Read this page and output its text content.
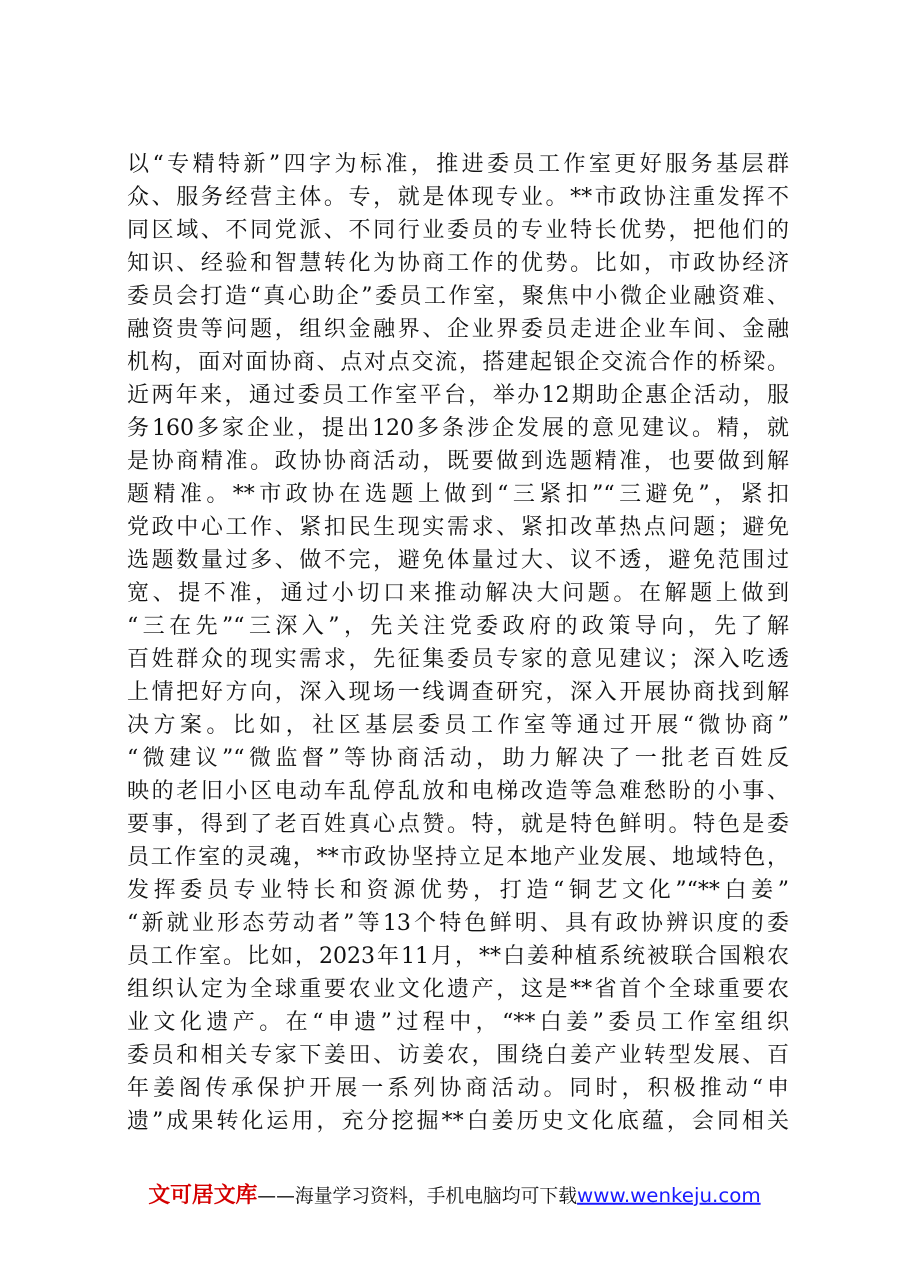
以“专精特新”四字为标准，推进委员工作室更好服务基层群
众、服务经营主体。专，就是体现专业。**市政协注重发挥不
同区域、不同党派、不同行业委员的专业特长优势，把他们的
知识、经验和智慧转化为协商工作的优势。比如，市政协经济
委员会打造“真心助企”委员工作室，聚焦中小微企业融资难、
融资贵等问题，组织金融界、企业界委员走进企业车间、金融
机构，面对面协商、点对点交流，搭建起银企交流合作的桥梁。
近两年来，通过委员工作室平台，举办12期助企惠企活动，服
务160多家企业，提出120多条涉企发展的意见建议。精，就
是协商精准。政协协商活动，既要做到选题精准，也要做到解
题精准。**市政协在选题上做到“三紧扣”“三避免”，紧扣
党政中心工作、紧扣民生现实需求、紧扣改革热点问题；避免
选题数量过多、做不完，避免体量过大、议不透，避免范围过
宽、提不准，通过小切口来推动解决大问题。在解题上做到
“三在先”“三深入”，先关注党委政府的政策导向，先了解
百姓群众的现实需求，先征集委员专家的意见建议；深入吃透
上情把好方向，深入现场一线调查研究，深入开展协商找到解
决方案。比如，社区基层委员工作室等通过开展“微协商”
“微建议”“微监督”等协商活动，助力解决了一批老百姓反
映的老旧小区电动车乱停乱放和电梯改造等急难愁盼的小事、
要事，得到了老百姓真心点赞。特，就是特色鲜明。特色是委
员工作室的灵魂，**市政协坚持立足本地产业发展、地域特色，
发挥委员专业特长和资源优势，打造“铜艺文化”“**白姜”
“新就业形态劳动者”等13个特色鲜明、具有政协辨识度的委
员工作室。比如，2023年11月，**白姜种植系统被联合国粮农
组织认定为全球重要农业文化遗产，这是**省首个全球重要农
业文化遗产。在“申遗”过程中，“**白姜”委员工作室组织
委员和相关专家下姜田、访姜农，围绕白姜产业转型发展、百
年姜阁传承保护开展一系列协商活动。同时，积极推动“申
遗”成果转化运用，充分挖掘**白姜历史文化底蕴，会同相关
文可居文库——海量学习资料，手机电脑均可下载www.wenkeju.com
